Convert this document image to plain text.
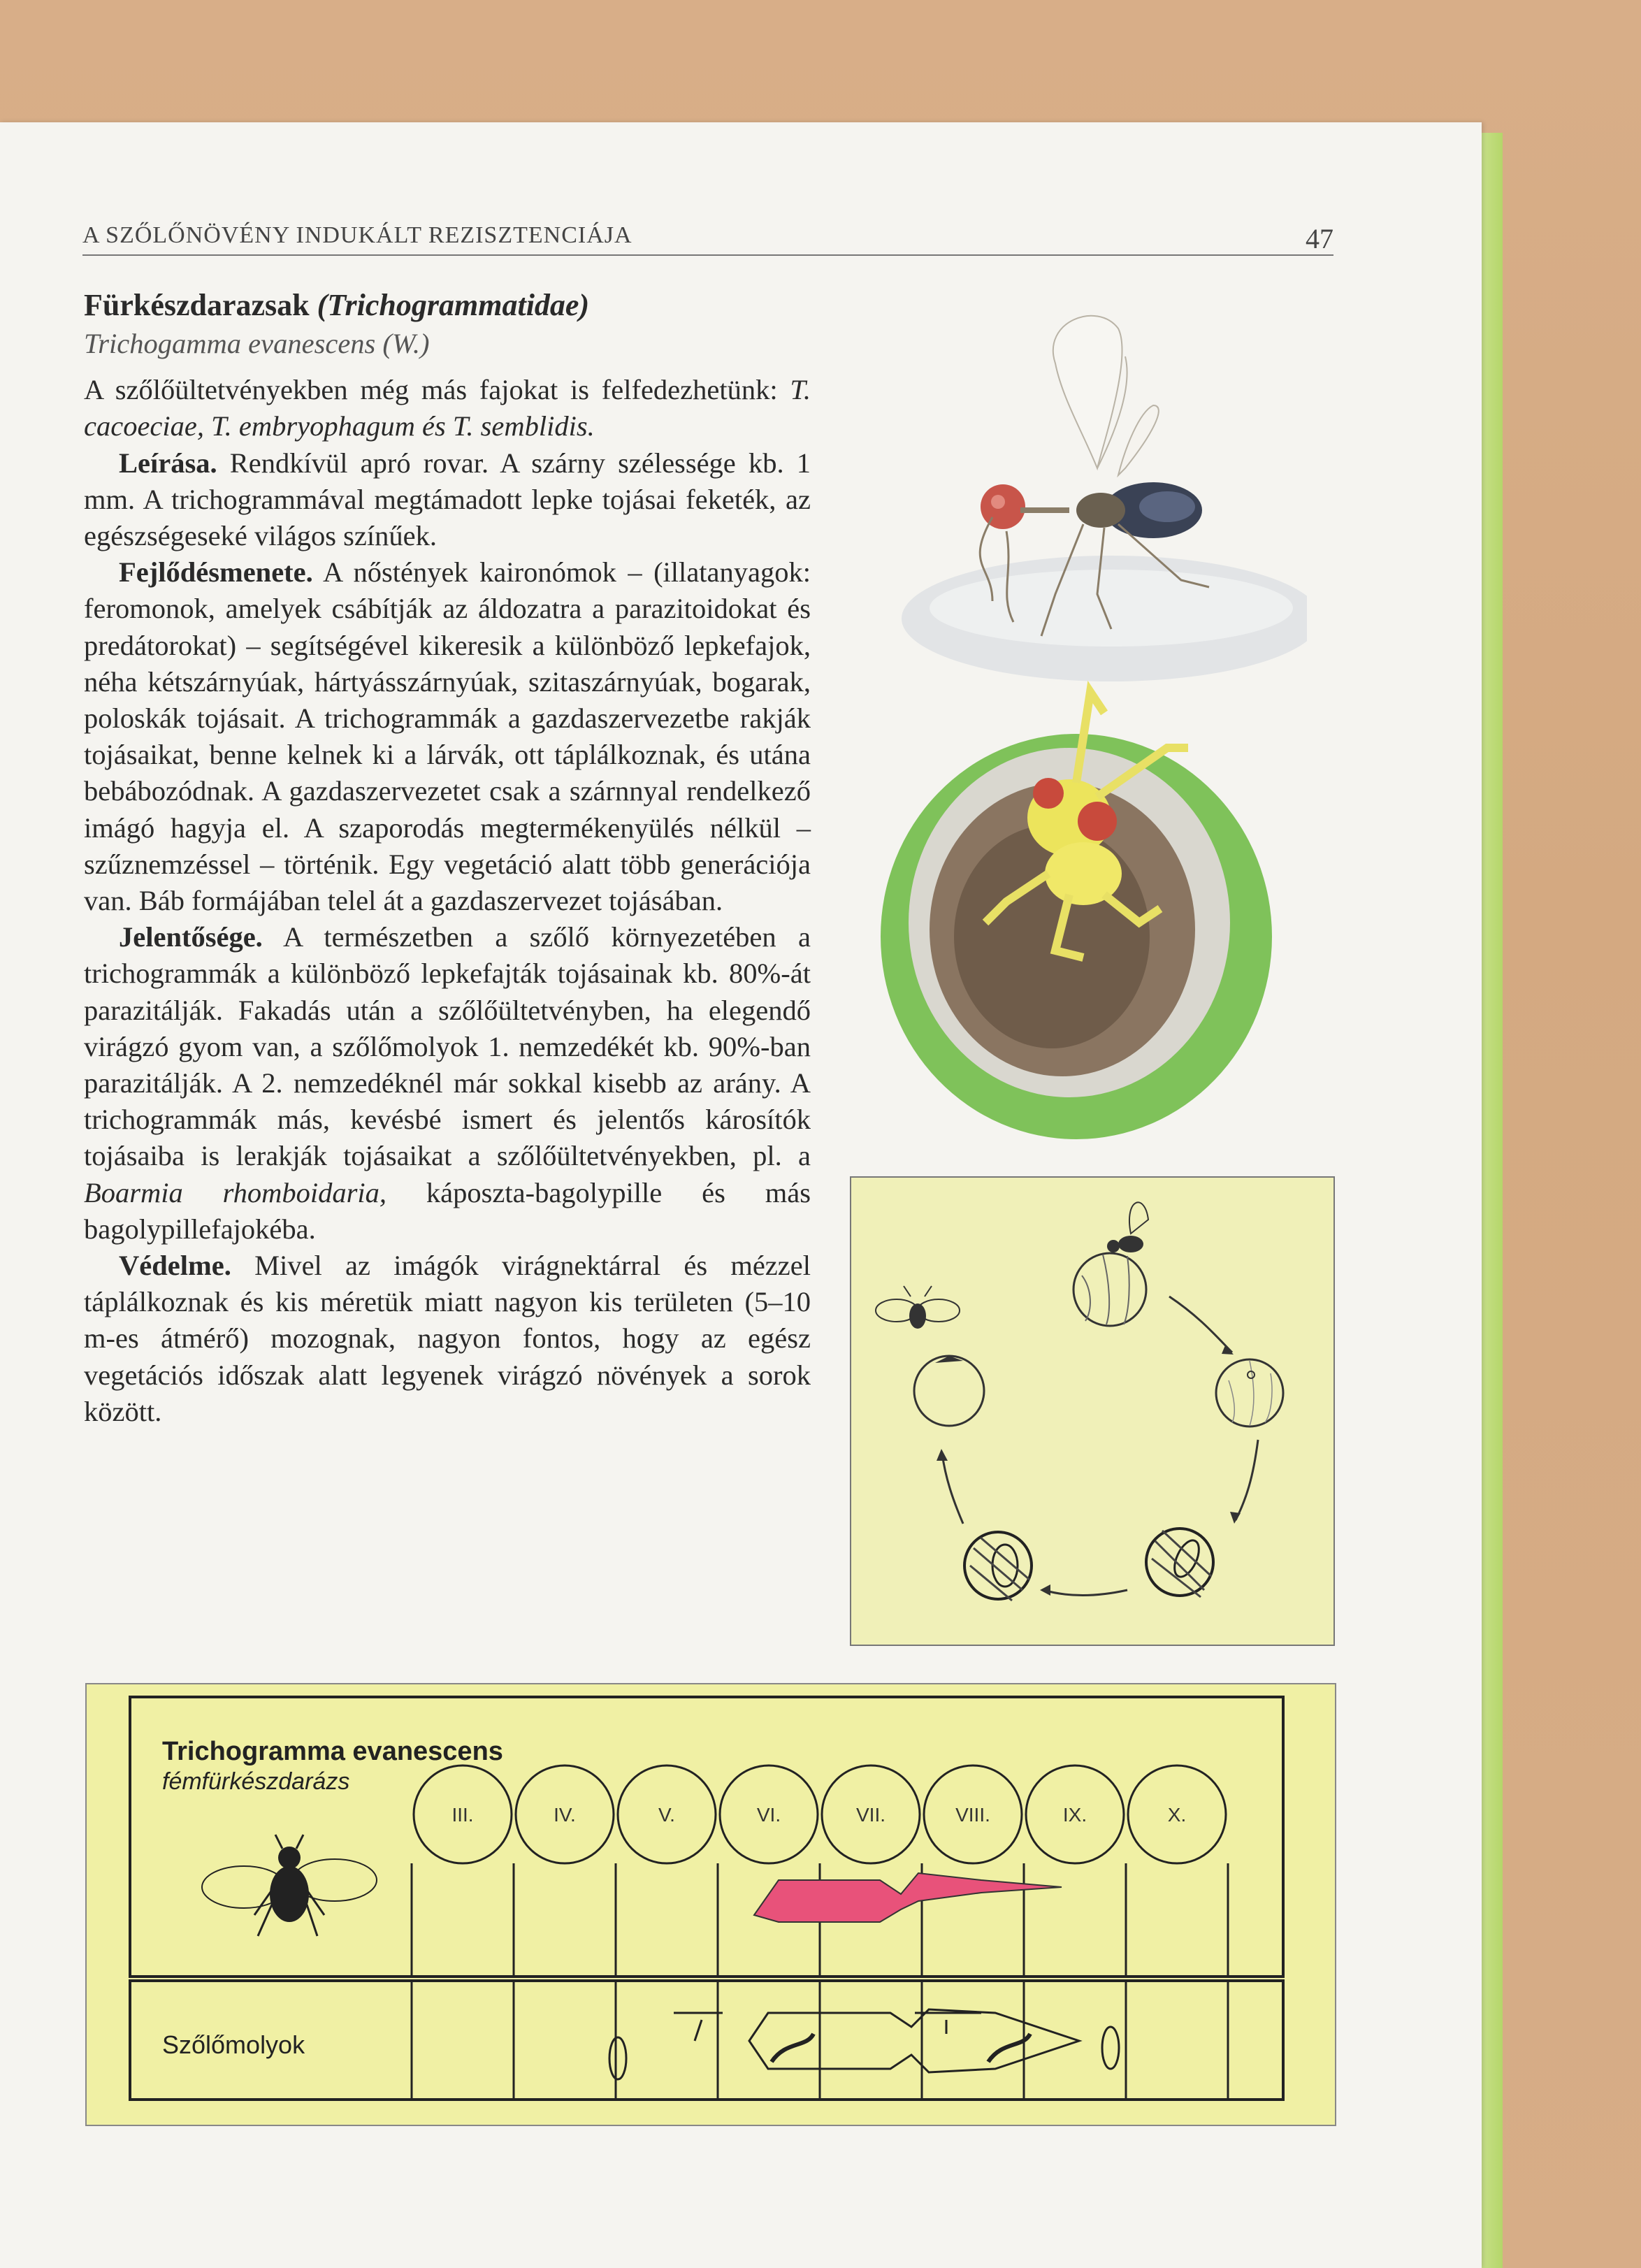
A SZŐLŐNÖVÉNY INDUKÁLT REZISZTENCIÁJA	47

Fürkészdarazsak (Trichogrammatidae)

Trichogamma evanescens (W.)

A szőlőültetvényekben még más fajokat is felfedezhetünk: T. cacoeciae, T. embryophagum és T. semblidis.

Leírása. Rendkívül apró rovar. A szárny szélessége kb. 1 mm. A trichogrammával megtámadott lepke tojásai feketék, az egészségeseké világos színűek.

Fejlődésmenete. A nőstények kaironómok – (illatanyagok: feromonok, amelyek csábítják az áldozatra a parazitoidokat és predátorokat) – segítségével kikeresik a különböző lepkefajok, néha kétszárnyúak, hártyásszárnyúak, szitaszárnyúak, bogarak, poloskák tojásait. A trichogrammák a gazdaszervezetbe rakják tojásaikat, benne kelnek ki a lárvák, ott táplálkoznak, és utána bebábozódnak. A gazdaszervezetet csak a szárnnyal rendelkező imágó hagyja el. A szaporodás megtermékenyülés nélkül – szűznemzéssel – történik. Egy vegetáció alatt több generációja van. Báb formájában telel át a gazdaszervezet tojásában.

Jelentősége. A természetben a szőlő környezetében a trichogrammák a különböző lepkefajták tojásainak kb. 80%-át parazitálják. Fakadás után a szőlőültetvényben, ha elegendő virágzó gyom van, a szőlőmolyok 1. nemzedékét kb. 90%-ban parazitálják. A 2. nemzedéknél már sokkal kisebb az arány. A trichogrammák más, kevésbé ismert és jelentős károsítók tojásaiba is lerakják tojásaikat a szőlőültetvényekben, pl. a Boarmia rhomboidaria, káposzta-bagolypille és más bagolypillefajokéba.

Védelme. Mivel az imágók virágnektárral és mézzel táplálkoznak és kis méretük miatt nagyon kis területen (5–10 m-es átmérő) mozognak, nagyon fontos, hogy az egész vegetációs időszak alatt legyenek virágzó növények a sorok között.

III.	IV.	V.	VI.	VII.	VIII.	IX.	X.
Trichogramma evanescens
fémfürkészdarázs
Szőlőmolyok
